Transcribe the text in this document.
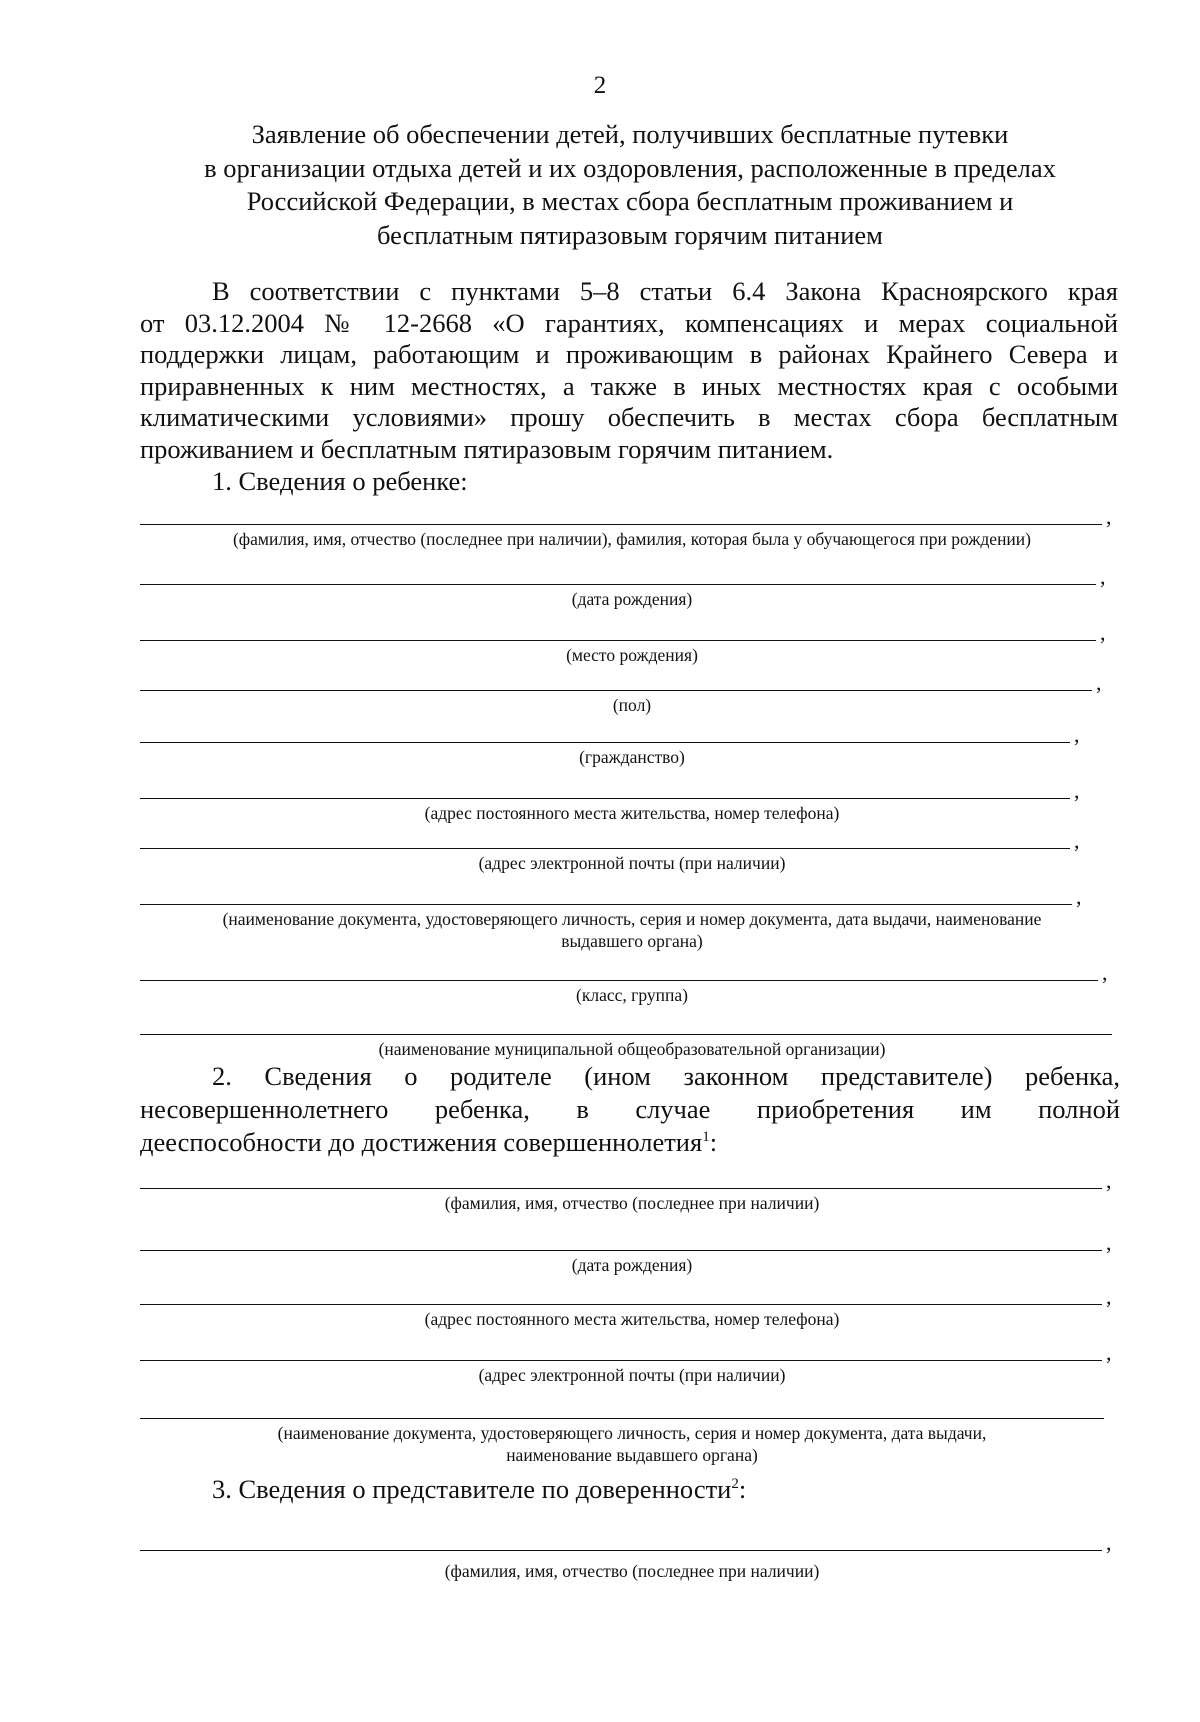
2
Заявление об обеспечении детей, получивших бесплатные путевки
в организации отдыха детей и их оздоровления, расположенные в пределах
Российской Федерации, в местах сбора бесплатным проживанием и
бесплатным пятиразовым горячим питанием
В соответствии с пунктами 5–8 статьи 6.4 Закона Красноярского края
от 03.12.2004 № 12-2668 «О гарантиях, компенсациях и мерах социальной
поддержки лицам, работающим и проживающим в районах Крайнего Севера и
приравненных к ним местностях, а также в иных местностях края с особыми
климатическими условиями» прошу обеспечить в местах сбора бесплатным
проживанием и бесплатным пятиразовым горячим питанием.
1. Сведения о ребенке:
,
(фамилия, имя, отчество (последнее при наличии), фамилия, которая была у обучающегося при рождении)
,
(дата рождения)
,
(место рождения)
,
(пол)
,
(гражданство)
,
(адрес постоянного места жительства, номер телефона)
,
(адрес электронной почты (при наличии)
,
(наименование документа, удостоверяющего личность, серия и номер документа, дата выдачи, наименование
выдавшего органа)
,
(класс, группа)
(наименование муниципальной общеобразовательной организации)
2. Сведения о родителе (ином законном представителе) ребенка,
несовершеннолетнего ребенка, в случае приобретения им полной
дееспособности до достижения совершеннолетия$^1$:
,
(фамилия, имя, отчество (последнее при наличии)
,
(дата рождения)
,
(адрес постоянного места жительства, номер телефона)
,
(адрес электронной почты (при наличии)
(наименование документа, удостоверяющего личность, серия и номер документа, дата выдачи,
наименование выдавшего органа)
3. Сведения о представителе по доверенности$^2$:
,
(фамилия, имя, отчество (последнее при наличии)
